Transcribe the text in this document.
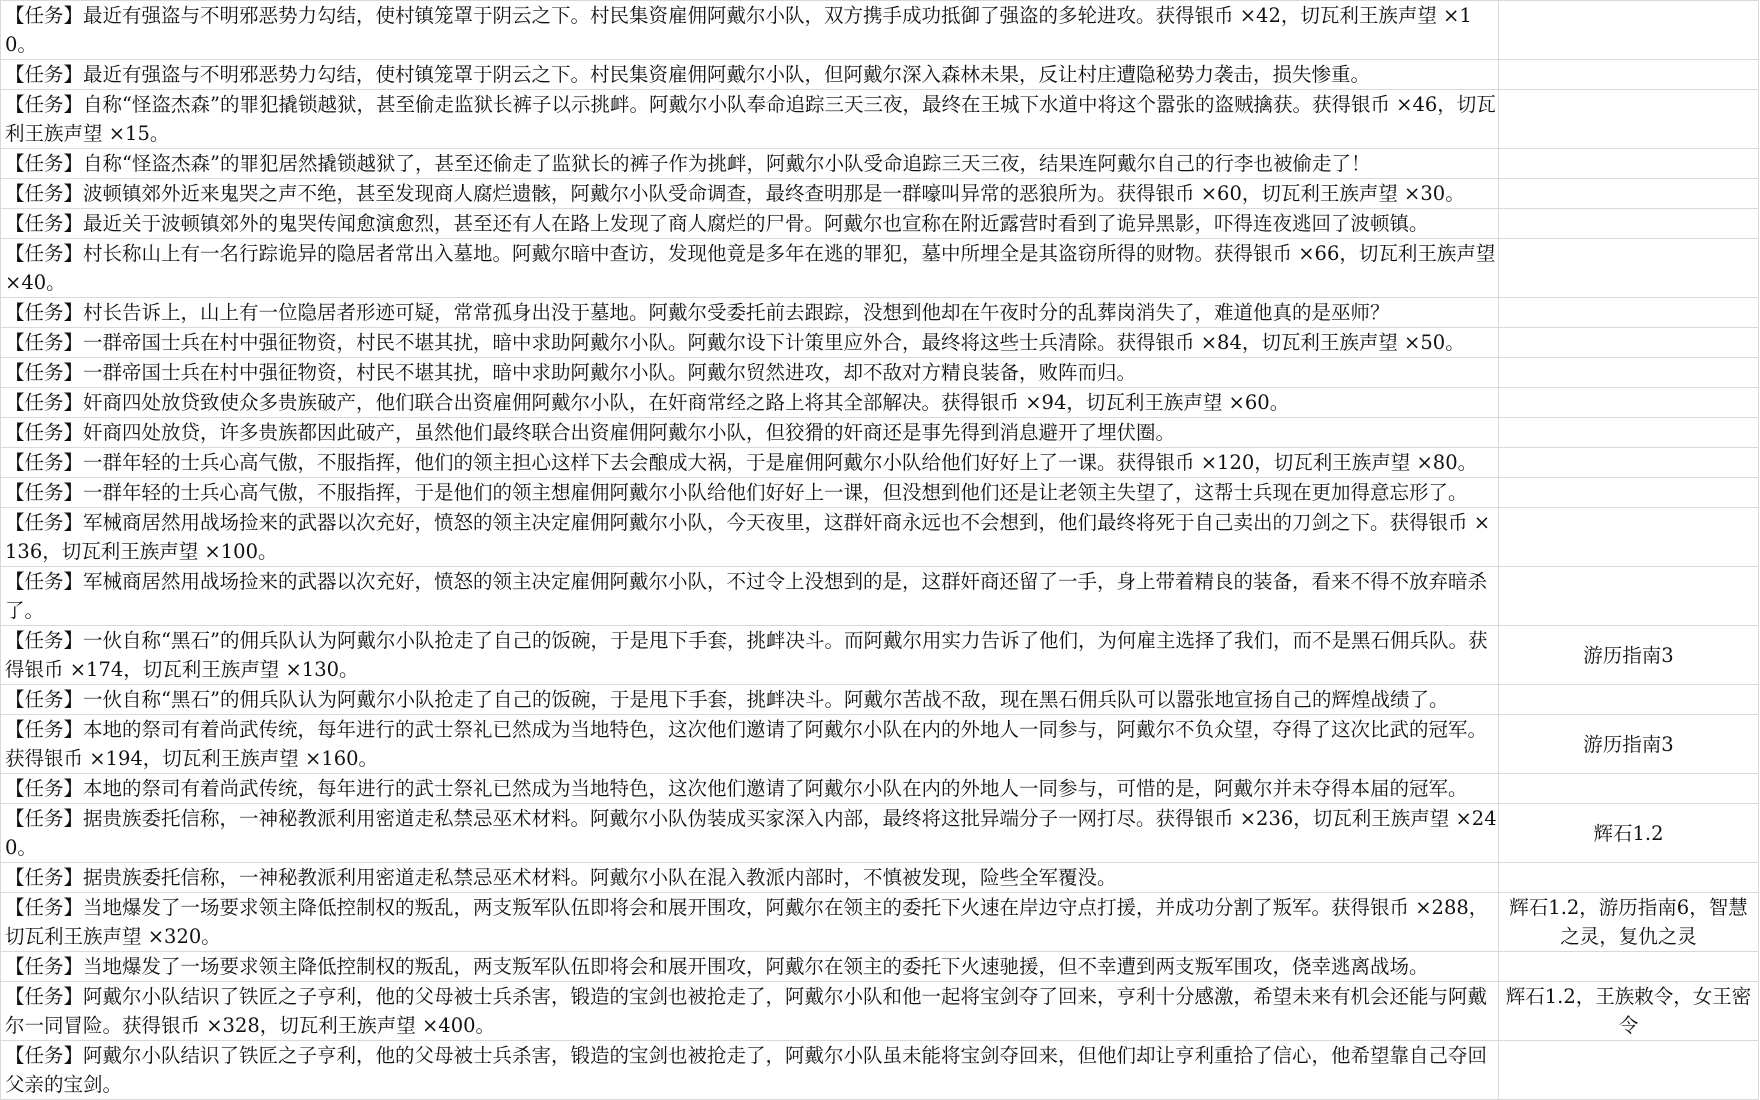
【任务】最近有强盗与不明邪恶势力勾结，使村镇笼罩于阴云之下。村民集资雇佣阿戴尔小队，双方携手成功抵御了强盗的多轮进攻。获得银币 ×42，切瓦利王族声望 ×10。	
【任务】最近有强盗与不明邪恶势力勾结，使村镇笼罩于阴云之下。村民集资雇佣阿戴尔小队，但阿戴尔深入森林未果，反让村庄遭隐秘势力袭击，损失惨重。	
【任务】自称“怪盗杰森”的罪犯撬锁越狱，甚至偷走监狱长裤子以示挑衅。阿戴尔小队奉命追踪三天三夜，最终在王城下水道中将这个嚣张的盗贼擒获。获得银币 ×46，切瓦利王族声望 ×15。	
【任务】自称“怪盗杰森”的罪犯居然撬锁越狱了，甚至还偷走了监狱长的裤子作为挑衅，阿戴尔小队受命追踪三天三夜，结果连阿戴尔自己的行李也被偷走了！	
【任务】波顿镇郊外近来鬼哭之声不绝，甚至发现商人腐烂遗骸，阿戴尔小队受命调查，最终查明那是一群嚎叫异常的恶狼所为。获得银币 ×60，切瓦利王族声望 ×30。	
【任务】最近关于波顿镇郊外的鬼哭传闻愈演愈烈，甚至还有人在路上发现了商人腐烂的尸骨。阿戴尔也宣称在附近露营时看到了诡异黑影，吓得连夜逃回了波顿镇。	
【任务】村长称山上有一名行踪诡异的隐居者常出入墓地。阿戴尔暗中查访，发现他竟是多年在逃的罪犯，墓中所埋全是其盗窃所得的财物。获得银币 ×66，切瓦利王族声望 ×40。	
【任务】村长告诉上，山上有一位隐居者形迹可疑，常常孤身出没于墓地。阿戴尔受委托前去跟踪，没想到他却在午夜时分的乱葬岗消失了，难道他真的是巫师？	
【任务】一群帝国士兵在村中强征物资，村民不堪其扰，暗中求助阿戴尔小队。阿戴尔设下计策里应外合，最终将这些士兵清除。获得银币 ×84，切瓦利王族声望 ×50。	
【任务】一群帝国士兵在村中强征物资，村民不堪其扰，暗中求助阿戴尔小队。阿戴尔贸然进攻，却不敌对方精良装备，败阵而归。	
【任务】奸商四处放贷致使众多贵族破产，他们联合出资雇佣阿戴尔小队，在奸商常经之路上将其全部解决。获得银币 ×94，切瓦利王族声望 ×60。	
【任务】奸商四处放贷，许多贵族都因此破产，虽然他们最终联合出资雇佣阿戴尔小队，但狡猾的奸商还是事先得到消息避开了埋伏圈。	
【任务】一群年轻的士兵心高气傲，不服指挥，他们的领主担心这样下去会酿成大祸，于是雇佣阿戴尔小队给他们好好上了一课。获得银币 ×120，切瓦利王族声望 ×80。	
【任务】一群年轻的士兵心高气傲，不服指挥，于是他们的领主想雇佣阿戴尔小队给他们好好上一课，但没想到他们还是让老领主失望了，这帮士兵现在更加得意忘形了。	
【任务】军械商居然用战场捡来的武器以次充好，愤怒的领主决定雇佣阿戴尔小队，今天夜里，这群奸商永远也不会想到，他们最终将死于自己卖出的刀剑之下。获得银币 ×136，切瓦利王族声望 ×100。	
【任务】军械商居然用战场捡来的武器以次充好，愤怒的领主决定雇佣阿戴尔小队，不过令上没想到的是，这群奸商还留了一手，身上带着精良的装备，看来不得不放弃暗杀了。	
【任务】一伙自称“黑石”的佣兵队认为阿戴尔小队抢走了自己的饭碗，于是甩下手套，挑衅决斗。而阿戴尔用实力告诉了他们，为何雇主选择了我们，而不是黑石佣兵队。获得银币 ×174，切瓦利王族声望 ×130。	游历指南3
【任务】一伙自称“黑石”的佣兵队认为阿戴尔小队抢走了自己的饭碗，于是甩下手套，挑衅决斗。阿戴尔苦战不敌，现在黑石佣兵队可以嚣张地宣扬自己的辉煌战绩了。	
【任务】本地的祭司有着尚武传统，每年进行的武士祭礼已然成为当地特色，这次他们邀请了阿戴尔小队在内的外地人一同参与，阿戴尔不负众望，夺得了这次比武的冠军。获得银币 ×194，切瓦利王族声望 ×160。	游历指南3
【任务】本地的祭司有着尚武传统，每年进行的武士祭礼已然成为当地特色，这次他们邀请了阿戴尔小队在内的外地人一同参与，可惜的是，阿戴尔并未夺得本届的冠军。	
【任务】据贵族委托信称，一神秘教派利用密道走私禁忌巫术材料。阿戴尔小队伪装成买家深入内部，最终将这批异端分子一网打尽。获得银币 ×236，切瓦利王族声望 ×240。	辉石1.2
【任务】据贵族委托信称，一神秘教派利用密道走私禁忌巫术材料。阿戴尔小队在混入教派内部时，不慎被发现，险些全军覆没。	
【任务】当地爆发了一场要求领主降低控制权的叛乱，两支叛军队伍即将会和展开围攻，阿戴尔在领主的委托下火速在岸边守点打援，并成功分割了叛军。获得银币 ×288，切瓦利王族声望 ×320。	辉石1.2，游历指南6，智慧之灵，复仇之灵
【任务】当地爆发了一场要求领主降低控制权的叛乱，两支叛军队伍即将会和展开围攻，阿戴尔在领主的委托下火速驰援，但不幸遭到两支叛军围攻，侥幸逃离战场。	
【任务】阿戴尔小队结识了铁匠之子亨利，他的父母被士兵杀害，锻造的宝剑也被抢走了，阿戴尔小队和他一起将宝剑夺了回来，亨利十分感激，希望未来有机会还能与阿戴尔一同冒险。获得银币 ×328，切瓦利王族声望 ×400。	辉石1.2，王族敕令，女王密令
【任务】阿戴尔小队结识了铁匠之子亨利，他的父母被士兵杀害，锻造的宝剑也被抢走了，阿戴尔小队虽未能将宝剑夺回来，但他们却让亨利重拾了信心，他希望靠自己夺回父亲的宝剑。	
